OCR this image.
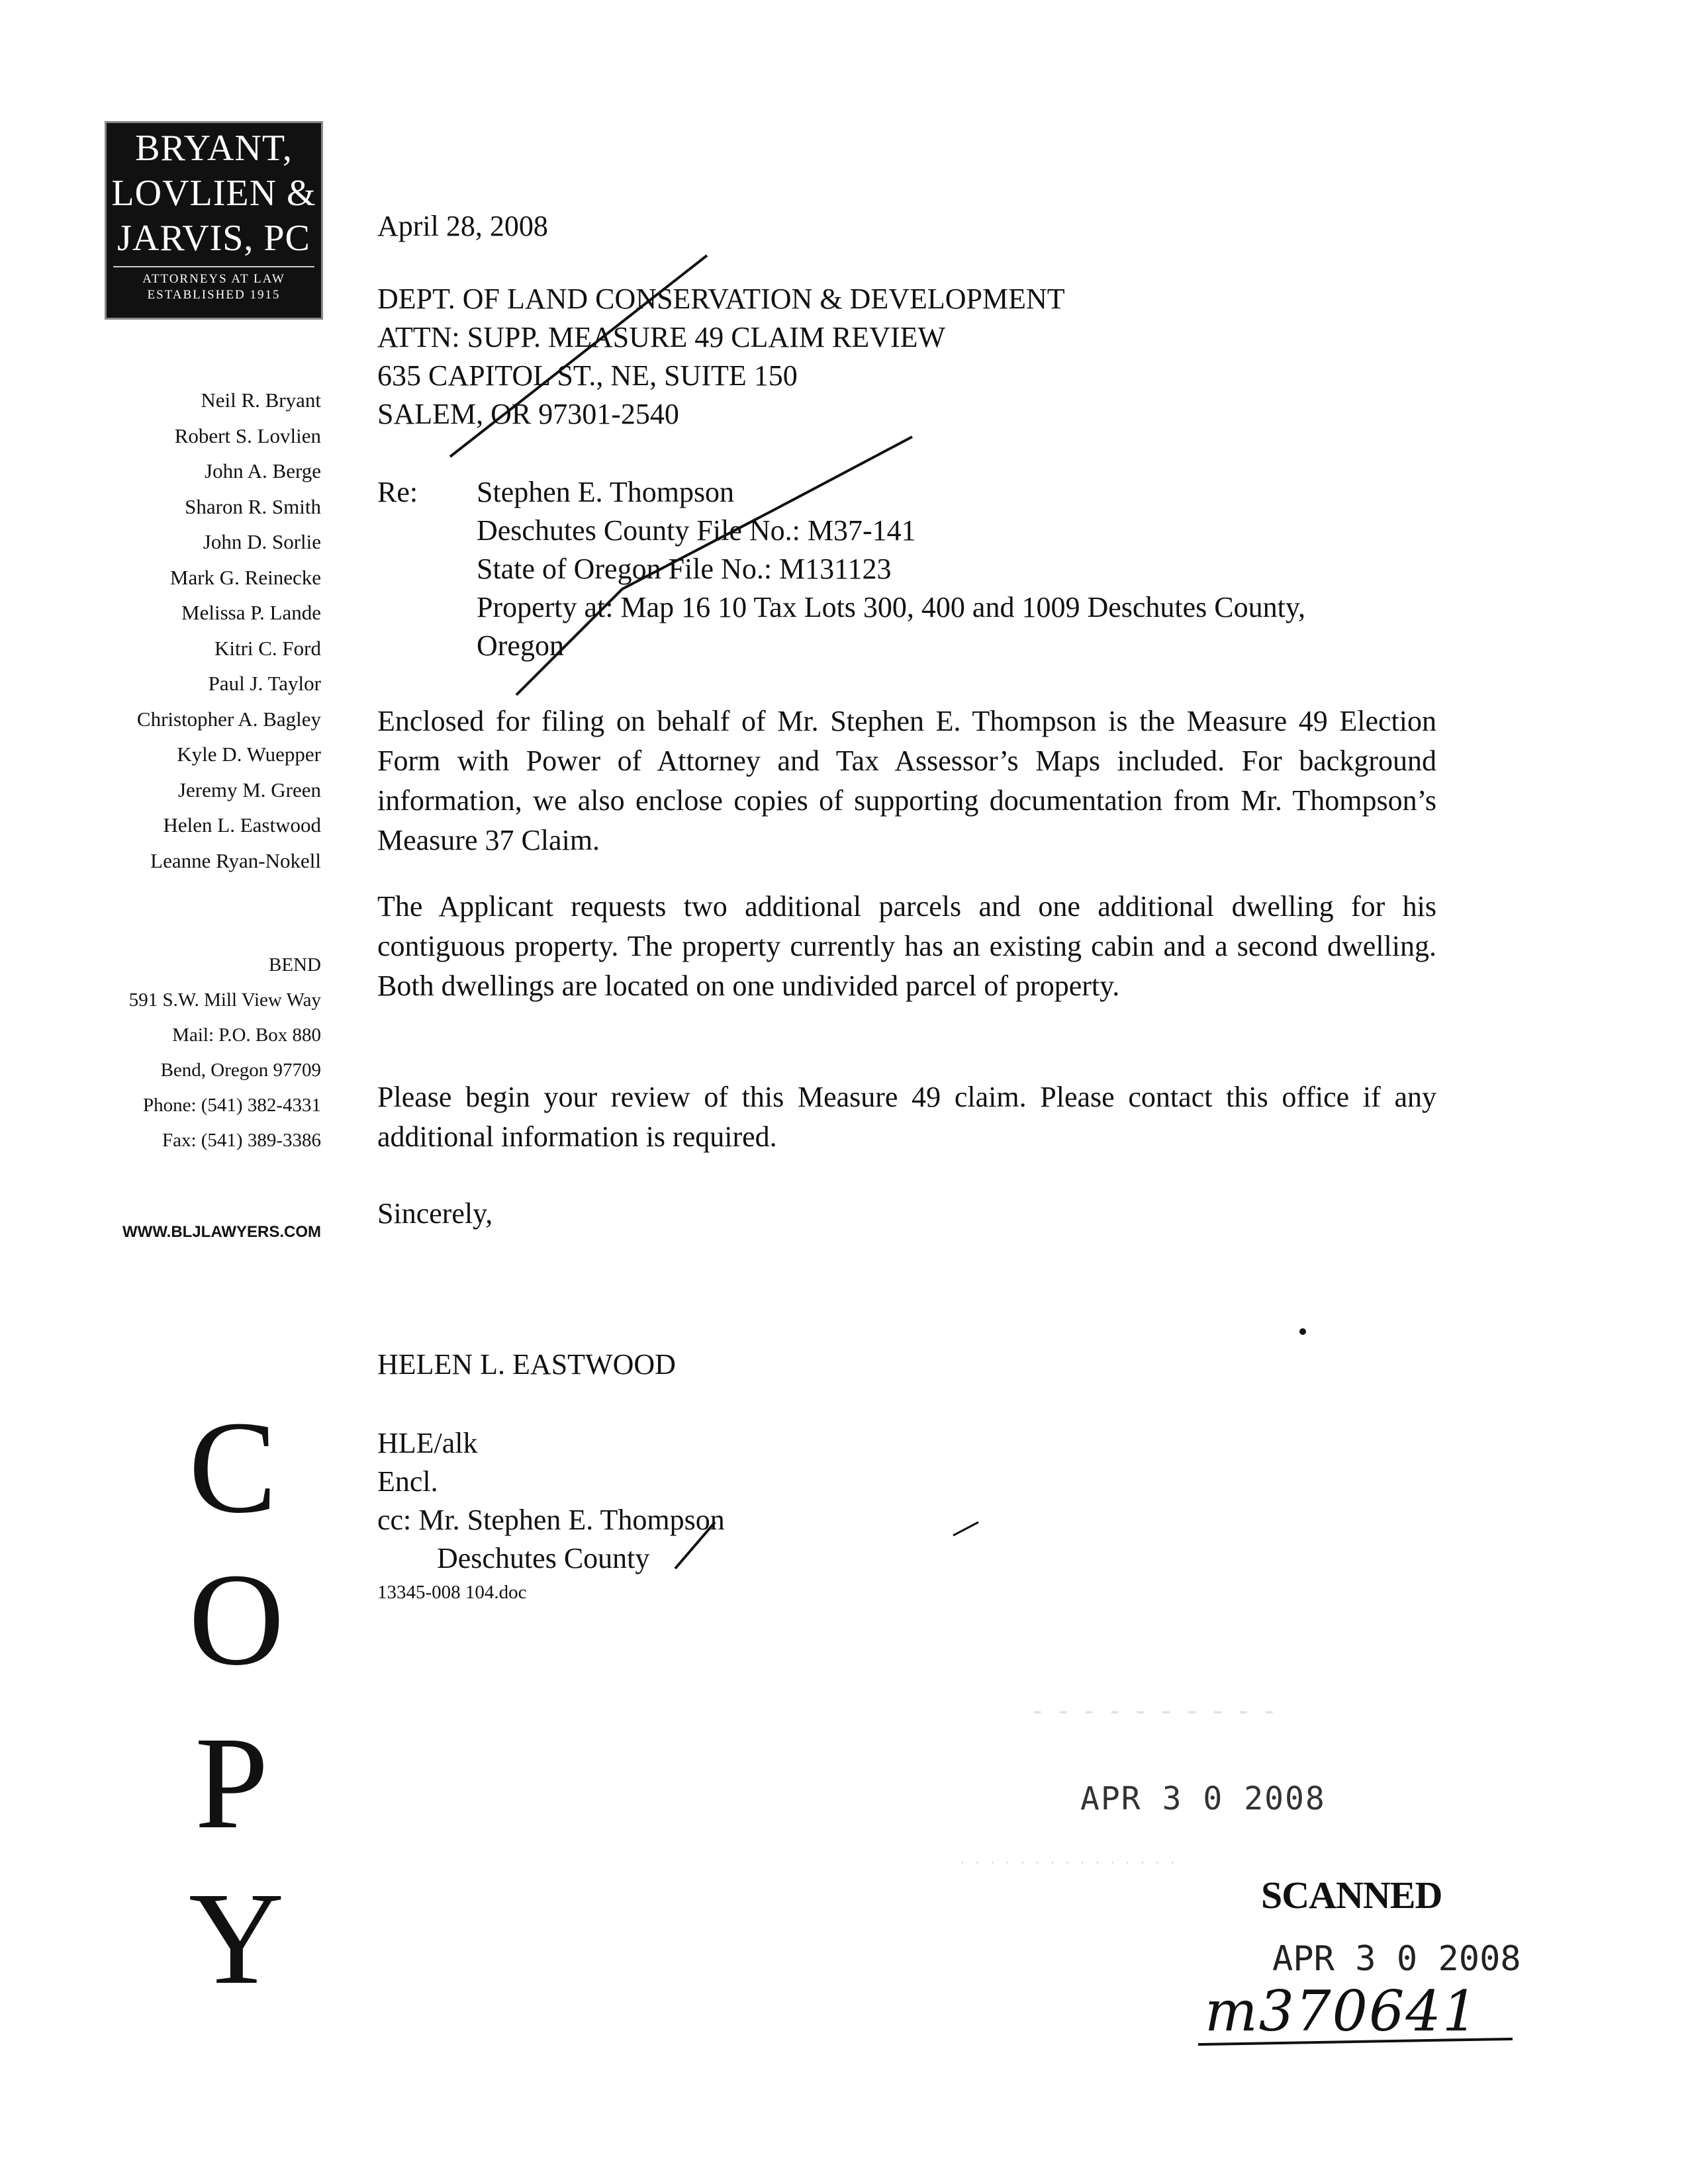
BRYANT,
LOVLIEN &
JARVIS, PC
ATTORNEYS AT LAW
ESTABLISHED 1915
Neil R. Bryant
Robert S. Lovlien
John A. Berge
Sharon R. Smith
John D. Sorlie
Mark G. Reinecke
Melissa P. Lande
Kitri C. Ford
Paul J. Taylor
Christopher A. Bagley
Kyle D. Wuepper
Jeremy M. Green
Helen L. Eastwood
Leanne Ryan-Nokell
BEND
591 S.W. Mill View Way
Mail: P.O. Box 880
Bend, Oregon 97709
Phone: (541) 382-4331
Fax: (541) 389-3386
WWW.BLJLAWYERS.COM
C
O
P
Y
April 28, 2008
DEPT. OF LAND CONSERVATION & DEVELOPMENT
ATTN: SUPP. MEASURE 49 CLAIM REVIEW
635 CAPITOL ST., NE, SUITE 150
SALEM, OR 97301-2540
Re: Stephen E. Thompson
Deschutes County File No.: M37-141
State of Oregon File No.: M131123
Property at: Map 16 10 Tax Lots 300, 400 and 1009 Deschutes County,
Oregon
Enclosed for filing on behalf of Mr. Stephen E. Thompson is the Measure 49 Election Form with Power of Attorney and Tax Assessor’s Maps included. For background information, we also enclose copies of supporting documentation from Mr. Thompson’s Measure 37 Claim.
The Applicant requests two additional parcels and one additional dwelling for his contiguous property. The property currently has an existing cabin and a second dwelling. Both dwellings are located on one undivided parcel of property.
Please begin your review of this Measure 49 claim. Please contact this office if any additional information is required.
Sincerely,
HELEN L. EASTWOOD
HLE/alk
Encl.
cc: Mr. Stephen E. Thompson
Deschutes County
13345-008 104.doc
- - - - - - - - - -
APR 3 0 2008
· · · · · · · · · · · · · · ·
SCANNED
APR 3 0 2008
m370641
